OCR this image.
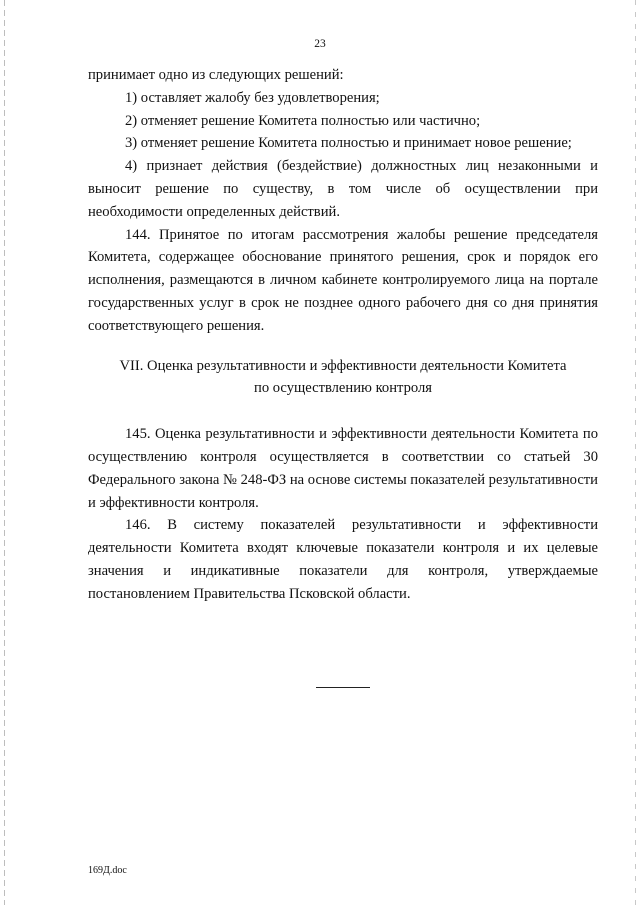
23

принимает одно из следующих решений:

1) оставляет жалобу без удовлетворения;

2) отменяет решение Комитета полностью или частично;

3) отменяет решение Комитета полностью и принимает новое решение;

4) признает действия (бездействие) должностных лиц незаконными и выносит решение по существу, в том числе об осуществлении при необходимости определенных действий.

144. Принятое по итогам рассмотрения жалобы решение председателя Комитета, содержащее обоснование принятого решения, срок и порядок его исполнения, размещаются в личном кабинете контролируемого лица на портале государственных услуг в срок не позднее одного рабочего дня со дня принятия соответствующего решения.

VII. Оценка результативности и эффективности деятельности Комитета
по осуществлению контроля

145. Оценка результативности и эффективности деятельности Комитета по осуществлению контроля осуществляется в соответствии со статьей 30 Федерального закона № 248-ФЗ на основе системы показателей результативности и эффективности контроля.

146. В систему показателей результативности и эффективности деятельности Комитета входят ключевые показатели контроля и их целевые значения и индикативные показатели для контроля, утверждаемые постановлением Правительства Псковской области.

169Д.doc
